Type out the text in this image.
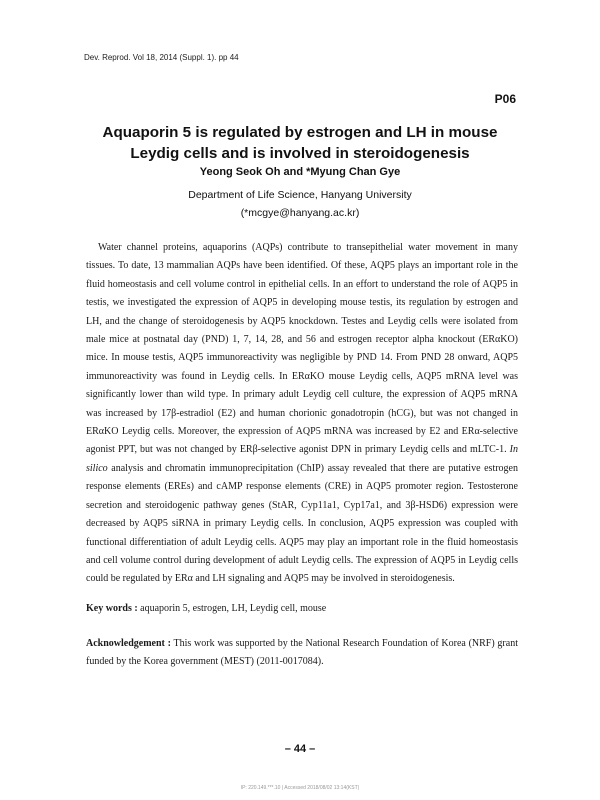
Dev. Reprod. Vol 18, 2014 (Suppl. 1). pp 44
P06
Aquaporin 5 is regulated by estrogen and LH in mouse Leydig cells and is involved in steroidogenesis
Yeong Seok Oh and *Myung Chan Gye
Department of Life Science, Hanyang University
(*mcgye@hanyang.ac.kr)

Water channel proteins, aquaporins (AQPs) contribute to transepithelial water movement in many tissues. To date, 13 mammalian AQPs have been identified. Of these, AQP5 plays an important role in the fluid homeostasis and cell volume control in epithelial cells. In an effort to understand the role of AQP5 in testis, we investigated the expression of AQP5 in developing mouse testis, its regulation by estrogen and LH, and the change of steroidogenesis by AQP5 knockdown. Testes and Leydig cells were isolated from male mice at postnatal day (PND) 1, 7, 14, 28, and 56 and estrogen receptor alpha knockout (ERαKO) mice. In mouse testis, AQP5 immunoreactivity was negligible by PND 14. From PND 28 onward, AQP5 immunoreactivity was found in Leydig cells. In ERαKO mouse Leydig cells, AQP5 mRNA level was significantly lower than wild type. In primary adult Leydig cell culture, the expression of AQP5 mRNA was increased by 17β-estradiol (E2) and human chorionic gonadotropin (hCG), but was not changed in ERαKO Leydig cells. Moreover, the expression of AQP5 mRNA was increased by E2 and ERα-selective agonist PPT, but was not changed by ERβ-selective agonist DPN in primary Leydig cells and mLTC-1. In silico analysis and chromatin immunoprecipitation (ChIP) assay revealed that there are putative estrogen response elements (EREs) and cAMP response elements (CRE) in AQP5 promoter region. Testosterone secretion and steroidogenic pathway genes (StAR, Cyp11a1, Cyp17a1, and 3β-HSD6) expression were decreased by AQP5 siRNA in primary Leydig cells. In conclusion, AQP5 expression was coupled with functional differentiation of adult Leydig cells. AQP5 may play an important role in the fluid homeostasis and cell volume control during development of adult Leydig cells. The expression of AQP5 in Leydig cells could be regulated by ERα and LH signaling and AQP5 may be involved in steroidogenesis.

Key words : aquaporin 5, estrogen, LH, Leydig cell, mouse

Acknowledgement : This work was supported by the National Research Foundation of Korea (NRF) grant funded by the Korea government (MEST) (2011-0017084).

– 44 –
IP: 220.149.***.10 | Accessed 2018/08/02 13:14(KST)
